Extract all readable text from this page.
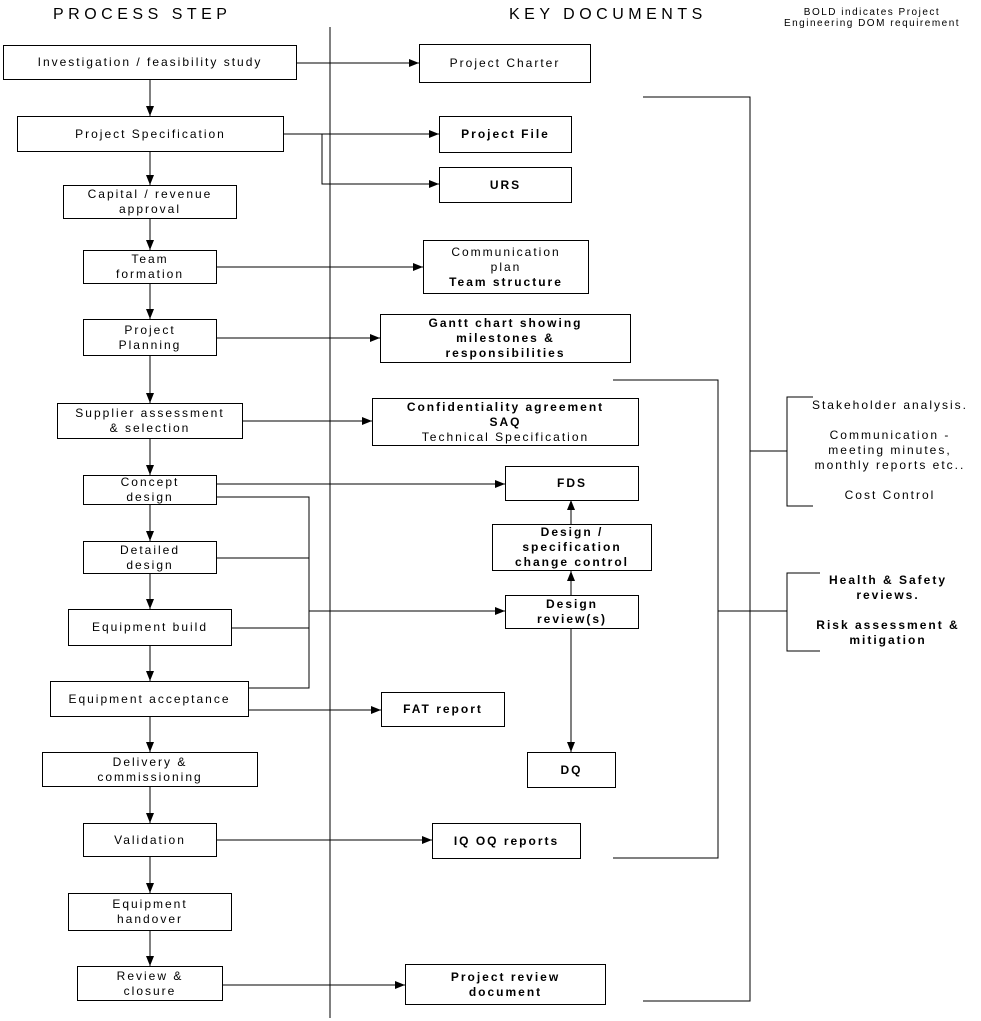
PROCESS STEP	KEY DOCUMENTS	BOLD indicates Project
Engineering DOM requirement
Investigation / feasibility study
Project Specification
Capital / revenue
approval
Team
formation
Project
Planning
Supplier assessment
& selection
Concept
design
Detailed
design
Equipment build
Equipment acceptance
Delivery &
commissioning
Validation
Equipment
handover
Review &
closure
Project Charter
Project File
URS
Communication
plan
Team structure
Gantt chart showing
milestones &
responsibilities
Confidentiality agreement
SAQ
Technical Specification
FDS
Design /
specification
change control
Design
review(s)
FAT report
DQ
IQ OQ reports
Project review
document
Stakeholder analysis.
Communication -
meeting minutes,
monthly reports etc..
Cost Control
Health & Safety
reviews.
Risk assessment &
mitigation
